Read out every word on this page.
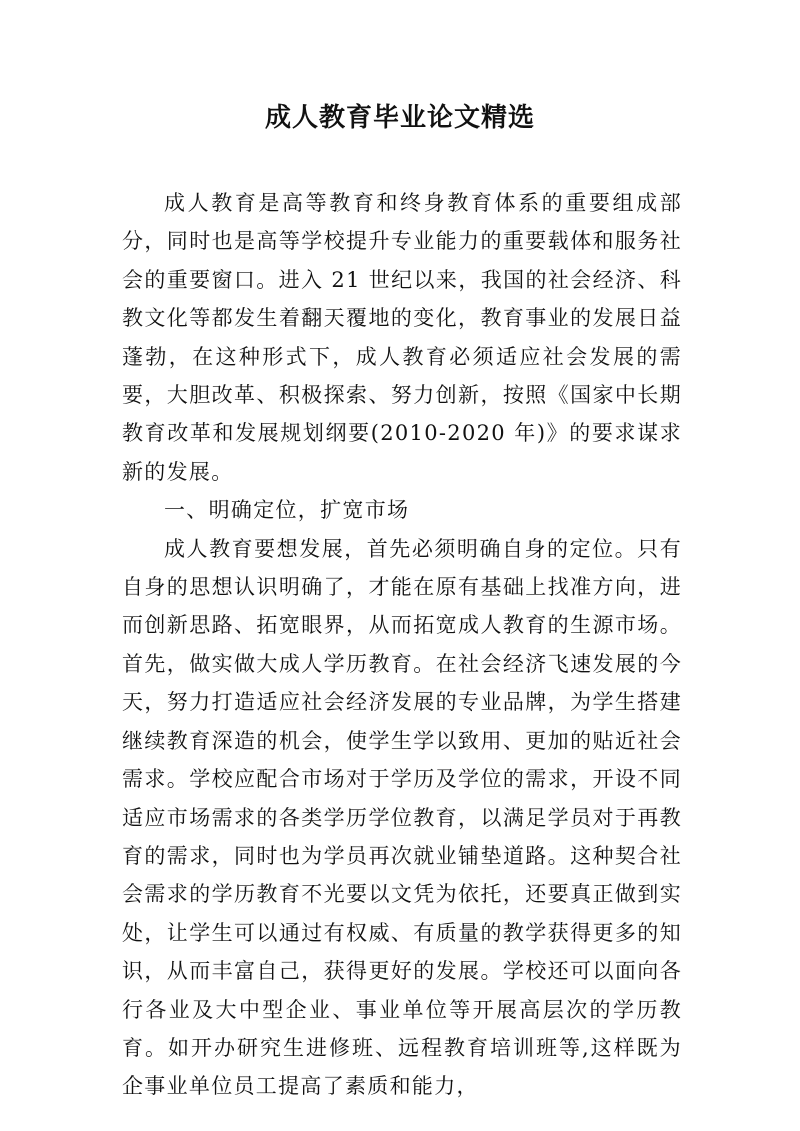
成人教育毕业论文精选

成人教育是高等教育和终身教育体系的重要组成部分，同时也是高等学校提升专业能力的重要载体和服务社会的重要窗口。进入 21 世纪以来，我国的社会经济、科教文化等都发生着翻天覆地的变化，教育事业的发展日益蓬勃，在这种形式下，成人教育必须适应社会发展的需要，大胆改革、积极探索、努力创新，按照《国家中长期教育改革和发展规划纲要(2010-2020 年)》的要求谋求新的发展。

一、明确定位，扩宽市场

成人教育要想发展，首先必须明确自身的定位。只有自身的思想认识明确了，才能在原有基础上找准方向，进而创新思路、拓宽眼界，从而拓宽成人教育的生源市场。首先，做实做大成人学历教育。在社会经济飞速发展的今天，努力打造适应社会经济发展的专业品牌，为学生搭建继续教育深造的机会，使学生学以致用、更加的贴近社会需求。学校应配合市场对于学历及学位的需求，开设不同适应市场需求的各类学历学位教育，以满足学员对于再教育的需求，同时也为学员再次就业铺垫道路。这种契合社会需求的学历教育不光要以文凭为依托，还要真正做到实处，让学生可以通过有权威、有质量的教学获得更多的知识，从而丰富自己，获得更好的发展。学校还可以面向各行各业及大中型企业、事业单位等开展高层次的学历教育。如开办研究生进修班、远程教育培训班等,这样既为企事业单位员工提高了素质和能力，
